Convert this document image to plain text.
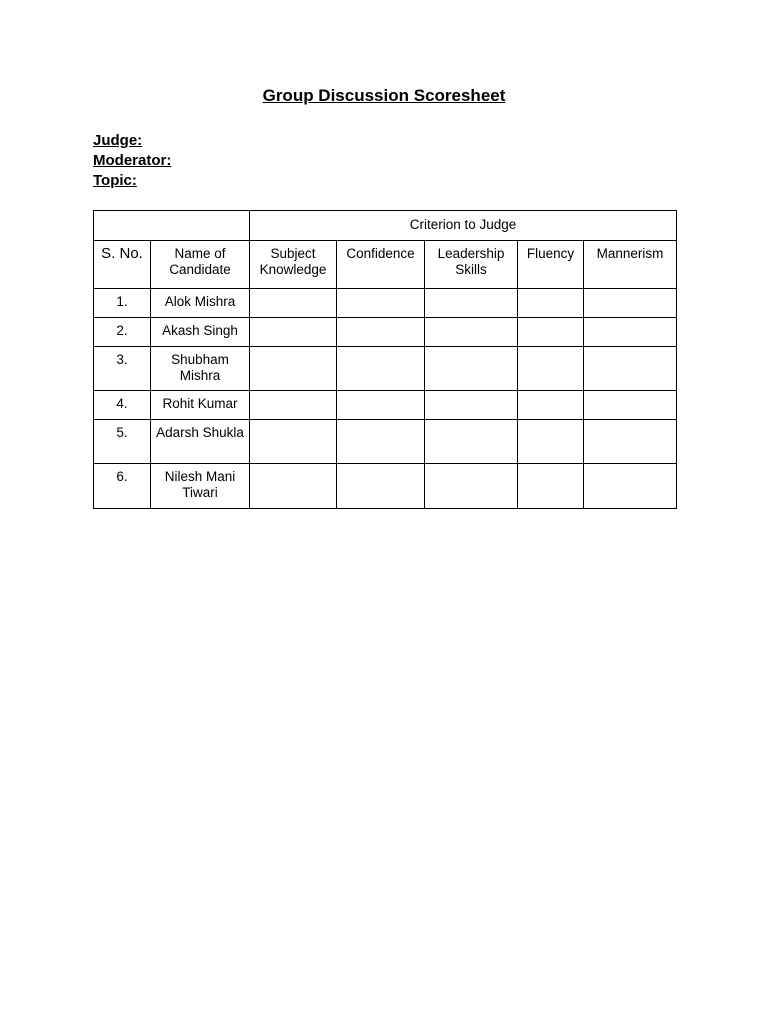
Group Discussion Scoresheet
Judge:
Moderator:
Topic:
		Criterion to Judge				
S. No.	Name of Candidate	Subject Knowledge	Confidence	Leadership Skills	Fluency	Mannerism
1.	Alok Mishra					
2.	Akash Singh					
3.	Shubham Mishra					
4.	Rohit Kumar					
5.	Adarsh Shukla					
6.	Nilesh Mani Tiwari					
